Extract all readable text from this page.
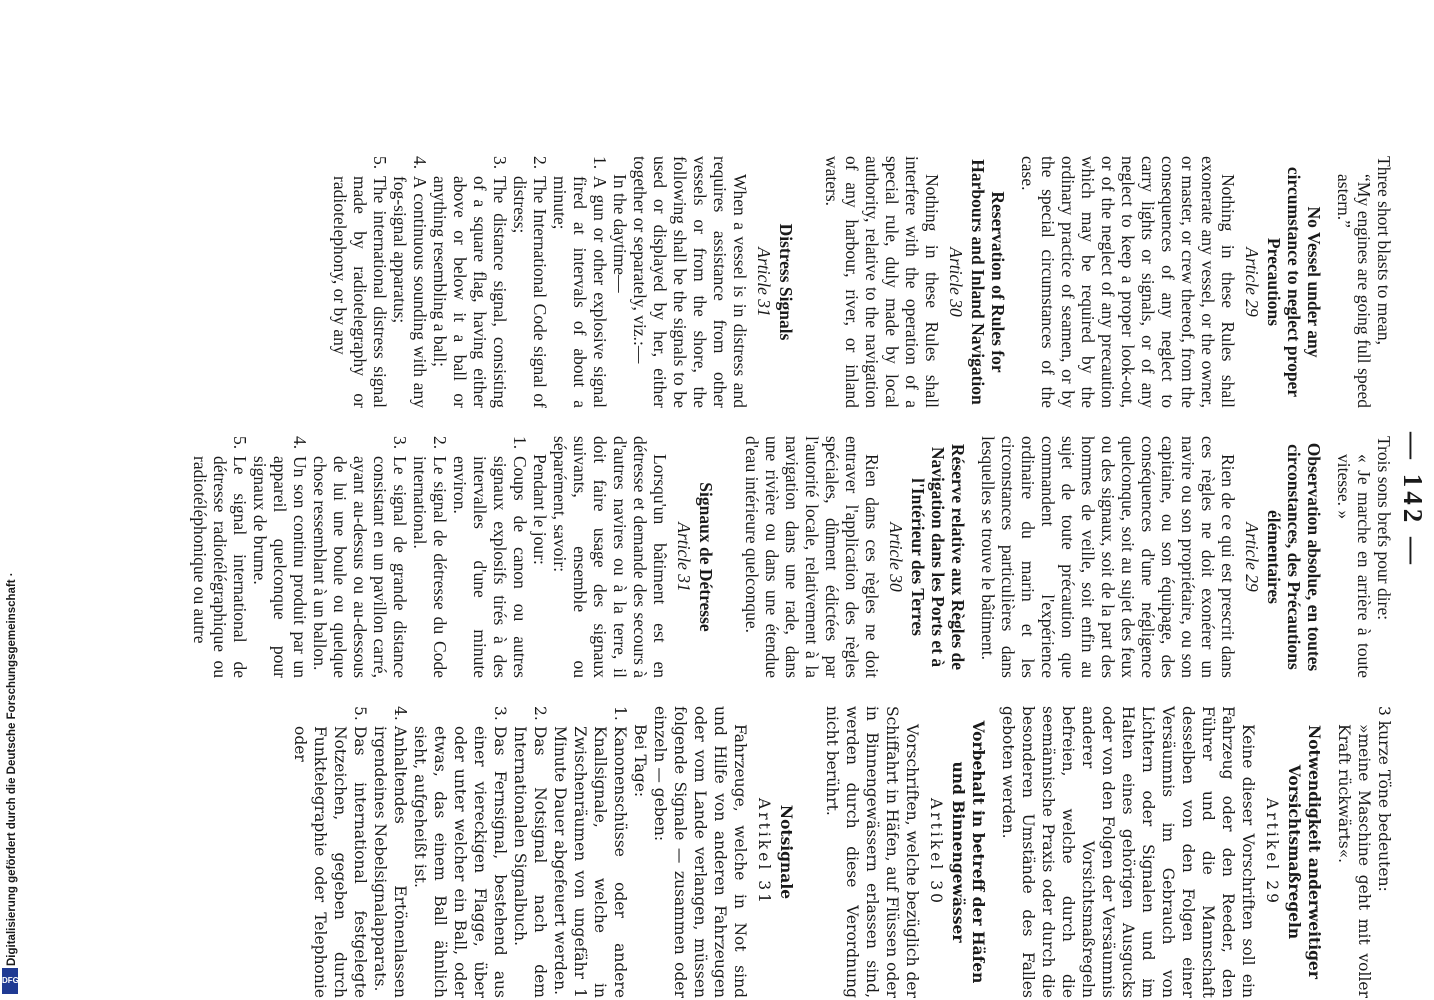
— 142 —

Three short blasts to mean,

“My engines are going full speed astern.”

No Vessel under any circumstance to neglect proper Precautions
Article 29

Nothing in these Rules shall exonerate any vessel, or the owner, or master, or crew thereof, from the consequences of any neglect to carry lights or signals, or of any neglect to keep a proper look-out, or of the neglect of any precaution which may be required by the ordinary practice of seamen, or by the special circumstances of the case.

Reservation of Rules for Harbours and Inland Navigation
Article 30

Nothing in these Rules shall interfere with the operation of a special rule, duly made by local authority, relative to the navigation of any harbour, river, or inland waters.

Distress Signals
Article 31

When a vessel is in distress and requires assistance from other vessels or from the shore, the following shall be the signals to be used or displayed by her, either together or separately, viz.:—

In the daytime—

1.
A gun or other explosive signal fired at intervals of about a minute;
2.
The International Code signal of distress;
3.
The distance signal, consisting of a square flag, having either above or below it a ball or anything resembling a ball;
4.
A continuous sounding with any fog-signal apparatus;
5.
The international distress signal made by radiotelegraphy or radiotelephony, or by any

Trois sons brefs pour dire:

« Je marche en arrière à toute vitesse. »

Observation absolue, en toutes circonstances, des Précautions élémentaires
Article 29

Rien de ce qui est prescrit dans ces règles ne doit exonérer un navire ou son propriétaire, ou son capitaine, ou son équipage, des conséquences d'une négligence quelconque, soit au sujet des feux ou des signaux, soit de la part des hommes de veille, soit enfin au sujet de toute précaution que commandent l'expérience ordinaire du marin et les circonstances particulières dans lesquelles se trouve le bâtiment.

Réserve relative aux Règles de Navigation dans les Ports et à l'Intérieur des Terres
Article 30

Rien dans ces règles ne doit entraver l'application des règles spéciales, dûment édictées par l'autorité locale, relativement à la navigation dans une rade, dans une rivière ou dans une étendue d'eau intérieure quelconque.

Signaux de Détresse
Article 31

Lorsqu'un bâtiment est en détresse et demande des secours à d'autres navires ou à la terre, il doit faire usage des signaux suivants, ensemble ou séparément, savoir:

Pendant le jour:

1.
Coups de canon ou autres signaux explosifs tirés à des intervalles d'une minute environ.
2.
Le signal de détresse du Code international.
3.
Le signal de grande distance consistant en un pavillon carré, ayant au-dessus ou au-dessous de lui une boule ou quelque chose ressemblant à un ballon.
4.
Un son continu produit par un appareil quelconque pour signaux de brume.
5.
Le signal international de détresse radiotélégraphique ou radiotéléphonique ou autre

3 kurze Töne bedeuten:

»meine Maschine geht mit voller Kraft rückwärts«.

Notwendigkeit anderweitiger Vorsichtsmaßregeln
Artikel 29

Keine dieser Vorschriften soll ein Fahrzeug oder den Reeder, den Führer und die Mannschaft desselben von den Folgen einer Versäumnis im Gebrauch von Lichtern oder Signalen und im Halten eines gehörigen Ausgucks oder von den Folgen der Versäumnis anderer Vorsichtsmaßregeln befreien, welche durch die seemännische Praxis oder durch die besonderen Umstände des Falles geboten werden.

Vorbehalt in betreff der Häfen und Binnengewässer
Artikel 30

Vorschriften, welche bezüglich der Schiffahrt in Häfen, auf Flüssen oder in Binnengewässern erlassen sind, werden durch diese Verordnung nicht berührt.

Notsignale
Artikel 31

Fahrzeuge, welche in Not sind und Hilfe von anderen Fahrzeugen oder vom Lande verlangen, müssen folgende Signale — zusammen oder einzeln — geben:

Bei Tage:

1.
Kanonenschüsse oder andere Knallsignale, welche in Zwischenräumen von ungefähr 1 Minute Dauer abgefeuert werden.
2.
Das Notsignal nach dem Internationalen Signalbuch.
3.
Das Fernsignal, bestehend aus einer viereckigen Flagge, über oder unter welcher ein Ball, oder etwas, das einem Ball ähnlich sieht, aufgeheißt ist.
4.
Anhaltendes Ertönenlassen irgendeines Nebelsignalapparats.
5.
Das international festgelegte Notzeichen, gegeben durch Funktelegraphie oder Telephonie oder
Digitalisierung gefördert durch die Deutsche Forschungsgemeinschaft ·
DFG
